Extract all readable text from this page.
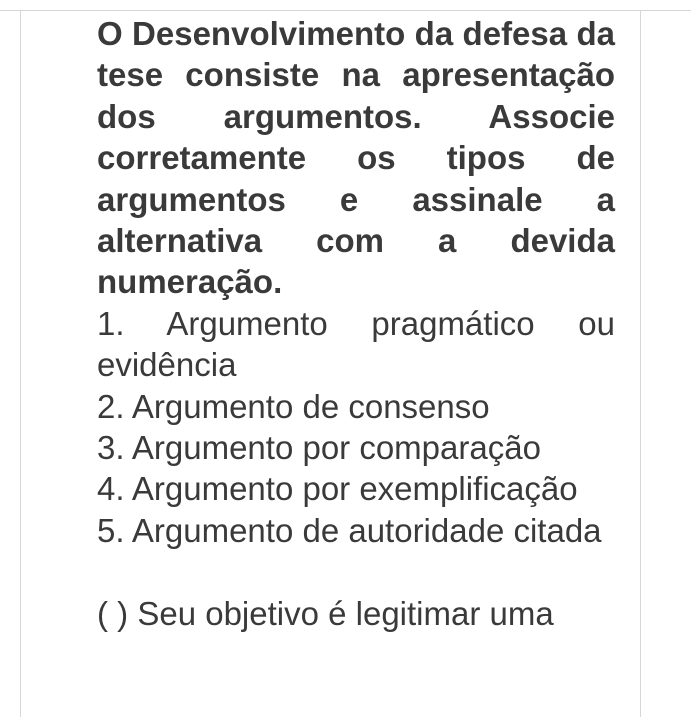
O Desenvolvimento da defesa da tese consiste na apresentação dos argumentos. Associe corretamente os tipos de argumentos e assinale a alternativa com a devida numeração.

1. Argumento pragmático ou evidência
2. Argumento de consenso
3. Argumento por comparação
4. Argumento por exemplificação
5. Argumento de autoridade citada

( ) Seu objetivo é legitimar uma
